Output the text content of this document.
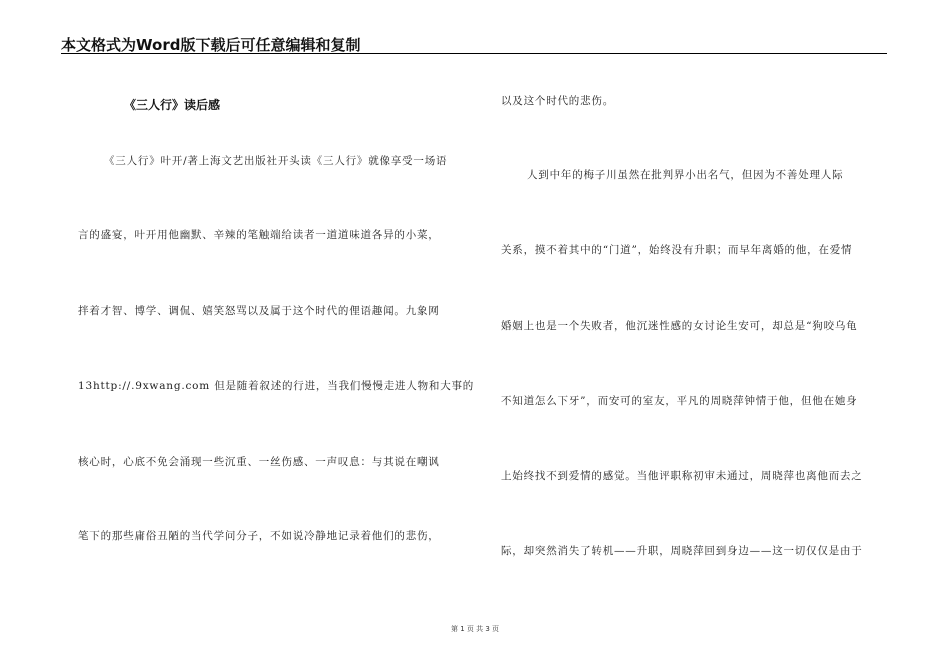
本文格式为Word版下载后可任意编辑和复制
《三人行》读后感
《三人行》叶开/著上海文艺出版社开头读《三人行》就像享受一场语
言的盛宴，叶开用他幽默、辛辣的笔触端给读者一道道味道各异的小菜，
拌着才智、博学、调侃、嬉笑怒骂以及属于这个时代的俚语趣闻。九象网
13http://.9xwang.com 但是随着叙述的行进，当我们慢慢走进人物和大事的
核心时，心底不免会涌现一些沉重、一丝伤感、一声叹息：与其说在嘲讽
笔下的那些庸俗丑陋的当代学问分子，不如说冷静地记录着他们的悲伤，
以及这个时代的悲伤。
人到中年的梅子川虽然在批判界小出名气，但因为不善处理人际
关系，摸不着其中的“门道”，始终没有升职；而早年离婚的他，在爱情
婚姻上也是一个失败者，他沉迷性感的女讨论生安可，却总是“狗咬乌龟
不知道怎么下牙”，而安可的室友，平凡的周晓萍钟情于他，但他在她身
上始终找不到爱情的感觉。当他评职称初审未通过，周晓萍也离他而去之
际，却突然消失了转机——升职，周晓萍回到身边——这一切仅仅是由于
第 1 页 共 3 页
